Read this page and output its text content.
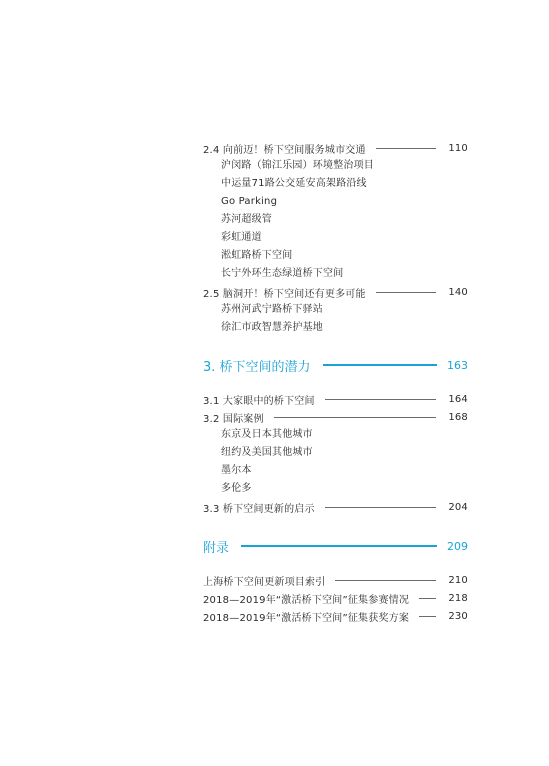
2.4 向前迈！桥下空间服务城市交通	110
沪闵路（锦江乐园）环境整治项目
中运量71路公交延安高架路沿线
Go Parking
苏河超级管
彩虹通道
淞虹路桥下空间
长宁外环生态绿道桥下空间
2.5 脑洞开！桥下空间还有更多可能	140
苏州河武宁路桥下驿站
徐汇市政智慧养护基地
3. 桥下空间的潜力	163
3.1 大家眼中的桥下空间	164
3.2 国际案例	168
东京及日本其他城市
纽约及美国其他城市
墨尔本
多伦多
3.3 桥下空间更新的启示	204
附录	209
上海桥下空间更新项目索引	210
2018—2019年“激活桥下空间”征集参赛情况	218
2018—2019年“激活桥下空间”征集获奖方案	230
